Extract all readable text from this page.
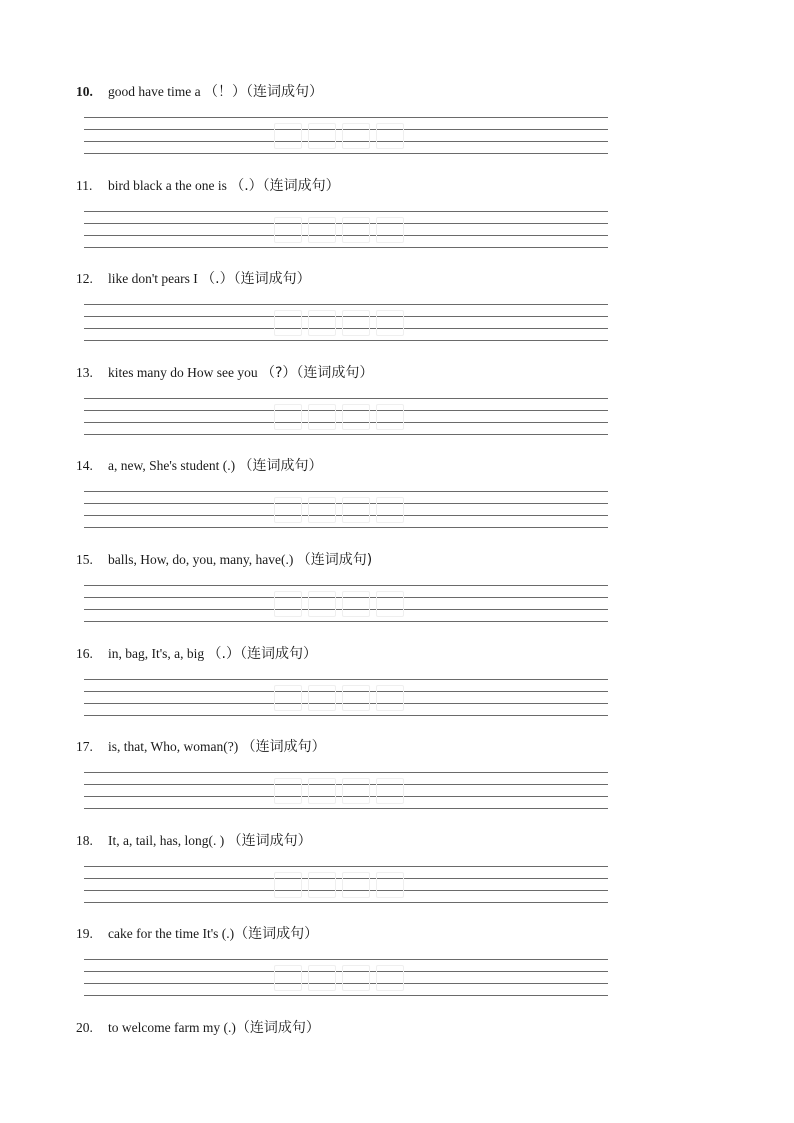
10. good have time a （！）（连词成句）
11. bird black a the one is （.）（连词成句）
12. like don't pears I （.）（连词成句）
13. kites many do How see you （?）（连词成句）
14. a, new, She's student (.) （连词成句）
15. balls, How, do, you, many, have(.) （连词成句)
16. in, bag, It's, a, big （.）（连词成句）
17. is, that, Who, woman(?) （连词成句）
18. It, a, tail, has, long(. ) （连词成句）
19. cake for the time It's (.)（连词成句）
20. to welcome farm my (.)（连词成句）
